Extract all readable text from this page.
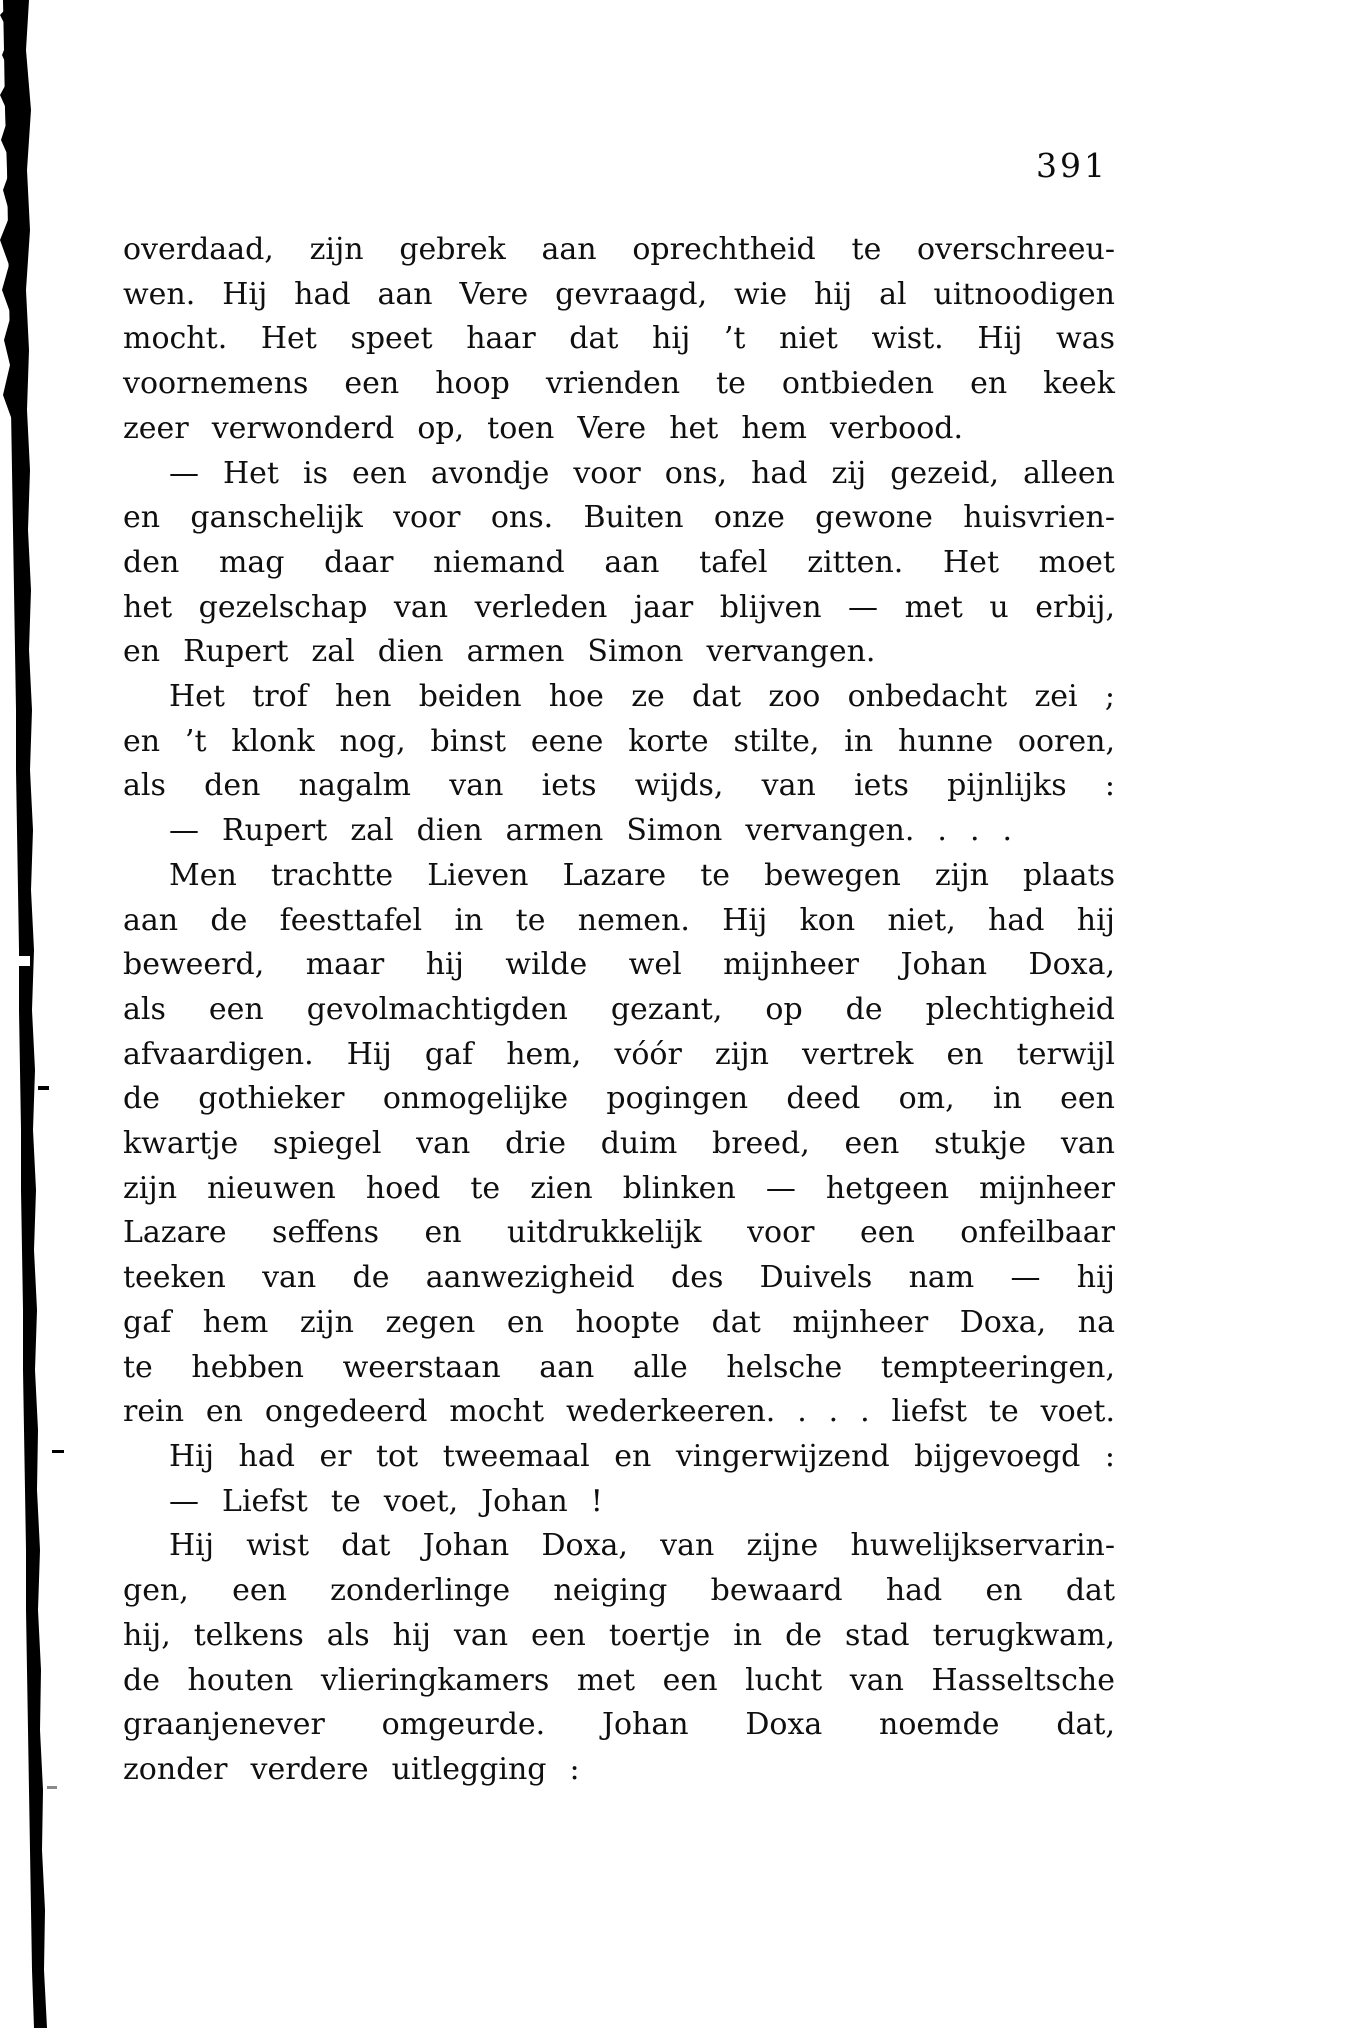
391
overdaad, zijn gebrek aan oprechtheid te overschreeu-
wen. Hij had aan Vere gevraagd, wie hij al uitnoodigen
mocht. Het speet haar dat hij ’t niet wist. Hij was
voornemens een hoop vrienden te ontbieden en keek
zeer verwonderd op, toen Vere het hem verbood.
— Het is een avondje voor ons, had zij gezeid, alleen
en ganschelijk voor ons. Buiten onze gewone huisvrien-
den mag daar niemand aan tafel zitten. Het moet
het gezelschap van verleden jaar blijven — met u erbij,
en Rupert zal dien armen Simon vervangen.
Het trof hen beiden hoe ze dat zoo onbedacht zei ;
en ’t klonk nog, binst eene korte stilte, in hunne ooren,
als den nagalm van iets wijds, van iets pijnlijks :
— Rupert zal dien armen Simon vervangen. . . .
Men trachtte Lieven Lazare te bewegen zijn plaats
aan de feesttafel in te nemen. Hij kon niet, had hij
beweerd, maar hij wilde wel mijnheer Johan Doxa,
als een gevolmachtigden gezant, op de plechtigheid
afvaardigen. Hij gaf hem, vóór zijn vertrek en terwijl
de gothieker onmogelijke pogingen deed om, in een
kwartje spiegel van drie duim breed, een stukje van
zijn nieuwen hoed te zien blinken — hetgeen mijnheer
Lazare seffens en uitdrukkelijk voor een onfeilbaar
teeken van de aanwezigheid des Duivels nam — hij
gaf hem zijn zegen en hoopte dat mijnheer Doxa, na
te hebben weerstaan aan alle helsche tempteeringen,
rein en ongedeerd mocht wederkeeren. . . . liefst te voet.
Hij had er tot tweemaal en vingerwijzend bijgevoegd :
— Liefst te voet, Johan !
Hij wist dat Johan Doxa, van zijne huwelijkservarin-
gen, een zonderlinge neiging bewaard had en dat
hij, telkens als hij van een toertje in de stad terugkwam,
de houten vlieringkamers met een lucht van Hasseltsche
graanjenever omgeurde. Johan Doxa noemde dat,
zonder verdere uitlegging :
